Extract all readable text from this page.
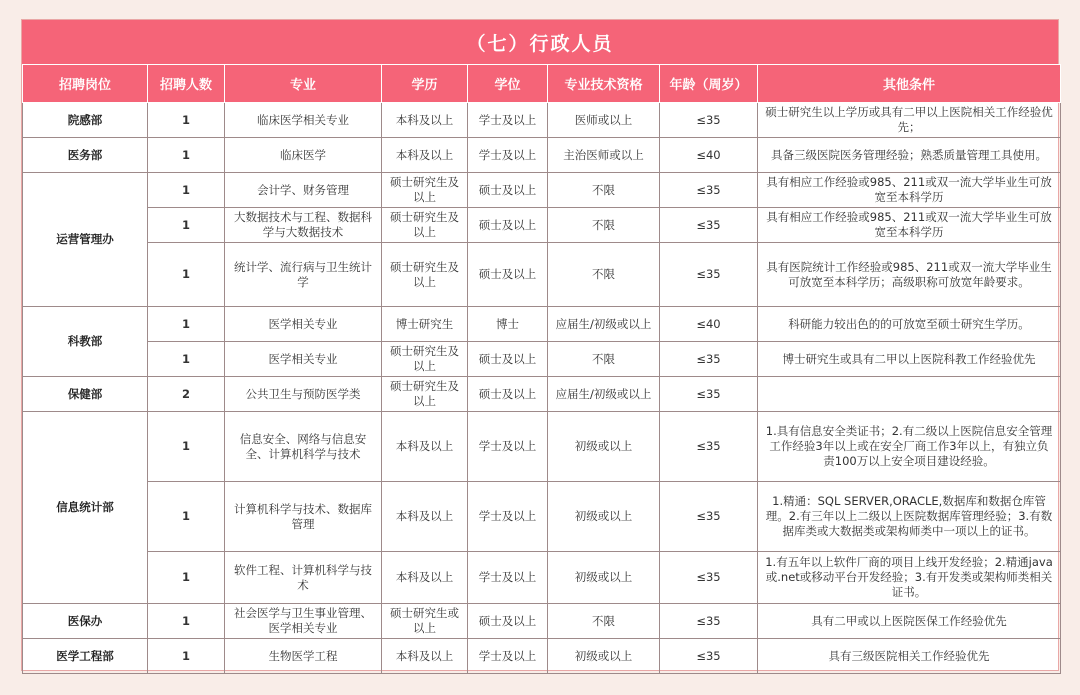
（七）行政人员
招聘岗位	招聘人数	专业	学历	学位	专业技术资格	年龄（周岁）	其他条件
院感部	1	临床医学相关专业	本科及以上	学士及以上	医师或以上	≤35	硕士研究生以上学历或具有二甲以上医院相关工作经验优先；
医务部	1	临床医学	本科及以上	学士及以上	主治医师或以上	≤40	具备三级医院医务管理经验；熟悉质量管理工具使用。
运营管理办	1	会计学、财务管理	硕士研究生及以上	硕士及以上	不限	≤35	具有相应工作经验或985、211或双一流大学毕业生可放宽至本科学历
	1	大数据技术与工程、数据科学与大数据技术	硕士研究生及以上	硕士及以上	不限	≤35	具有相应工作经验或985、211或双一流大学毕业生可放宽至本科学历
	1	统计学、流行病与卫生统计学	硕士研究生及以上	硕士及以上	不限	≤35	具有医院统计工作经验或985、211或双一流大学毕业生可放宽至本科学历；高级职称可放宽年龄要求。
科教部	1	医学相关专业	博士研究生	博士	应届生/初级或以上	≤40	科研能力较出色的的可放宽至硕士研究生学历。
	1	医学相关专业	硕士研究生及以上	硕士及以上	不限	≤35	博士研究生或具有二甲以上医院科教工作经验优先
保健部	2	公共卫生与预防医学类	硕士研究生及以上	硕士及以上	应届生/初级或以上	≤35	
信息统计部	1	信息安全、网络与信息安全、计算机科学与技术	本科及以上	学士及以上	初级或以上	≤35	1.具有信息安全类证书；2.有二级以上医院信息安全管理工作经验3年以上或在安全厂商工作3年以上，有独立负责100万以上安全项目建设经验。
	1	计算机科学与技术、数据库管理	本科及以上	学士及以上	初级或以上	≤35	1.精通：SQL SERVER,ORACLE,数据库和数据仓库管理。2.有三年以上二级以上医院数据库管理经验；3.有数据库类或大数据类或架构师类中一项以上的证书。
	1	软件工程、计算机科学与技术	本科及以上	学士及以上	初级或以上	≤35	1.有五年以上软件厂商的项目上线开发经验；2.精通java或.net或移动平台开发经验；3.有开发类或架构师类相关证书。
医保办	1	社会医学与卫生事业管理、医学相关专业	硕士研究生或以上	硕士及以上	不限	≤35	具有二甲或以上医院医保工作经验优先
医学工程部	1	生物医学工程	本科及以上	学士及以上	初级或以上	≤35	具有三级医院相关工作经验优先
